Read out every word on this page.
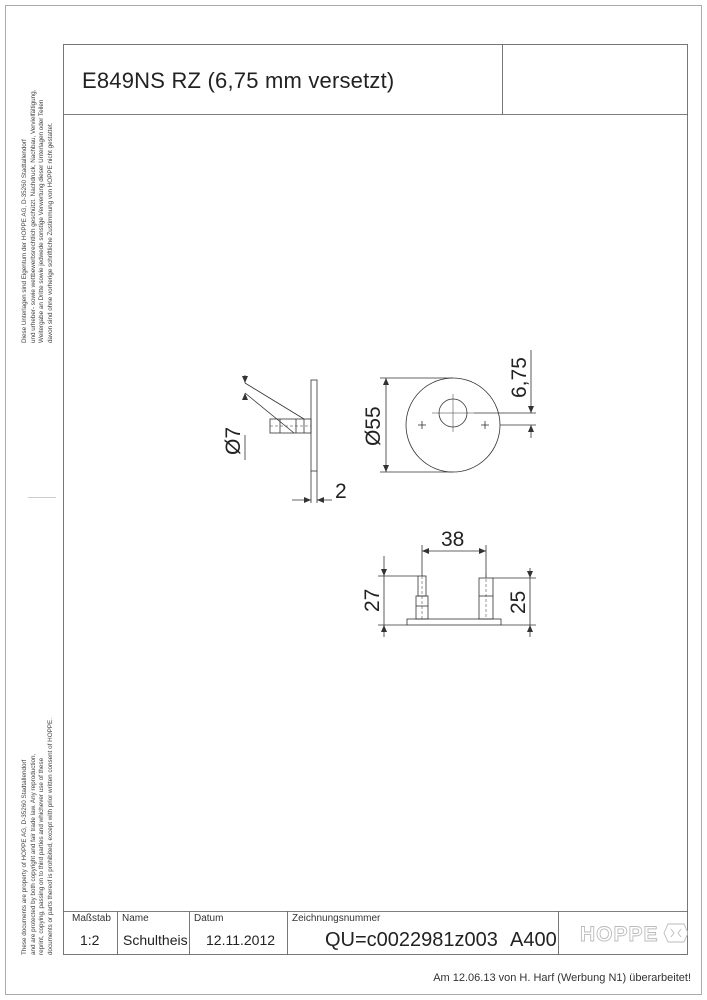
Ø7
2
Ø55
6,75
38
27	25
E849NS RZ (6,75 mm versetzt)
Maßstab Name	Datum	Zeichnungsnummer
1:2 Schultheis 12.11.2012 QU=c0022981z003 A400 HOPPE
Diese Unterlagen sind Eigentum der HOPPE AG, D-35260 Stadtallendorf und urheber- sowie wettbewerbsrechtlich geschützt. Nachdruck, Nachbau, Vervielfältigung, Weitergabe an Dritte sowie jedwede sonstige Verwertung dieser Unterlagen oder Teilen davon sind ohne vorherige schriftliche Zustimmung von HOPPE nicht gestattet.
These documents are property of HOPPE AG, D-35260 Stadtallendorf and are protected by both copyright and fair trade law. Any reproduction, reprint, copying, passing on to third parties and whichever use of these documents or parts thereof is prohibited, except with prior written consent of HOPPE.
Am 12.06.13 von H. Harf (Werbung N1) überarbeitet!
